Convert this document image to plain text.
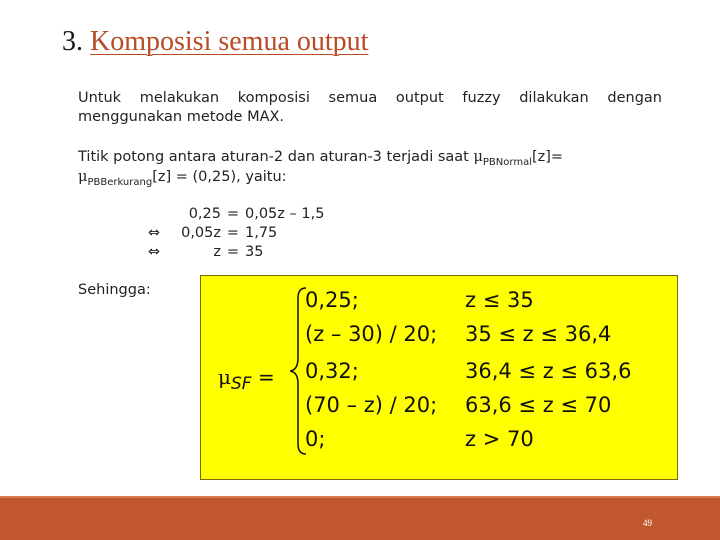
3. Komposisi semua output
Untuk melakukan komposisi semua output fuzzy dilakukan dengan menggunakan metode MAX.
Titik potong antara aturan-2 dan aturan-3 terjadi saat $\mu_{PBNormal}[z]=$
$\mu_{PBBerkurang}[z] = (0,25)$, yaitu:
0,25 = 0,05z – 1,5
⇔	0,05z = 1,75
⇔	z = 35
Sehingga:
$\mu_{SF}$ =
0,25;	z ≤ 35
(z – 30) / 20; 35 ≤ z ≤ 36,4
0,32;	36,4 ≤ z ≤ 63,6
(70 – z) / 20; 63,6 ≤ z ≤ 70
0;	z > 70
49
